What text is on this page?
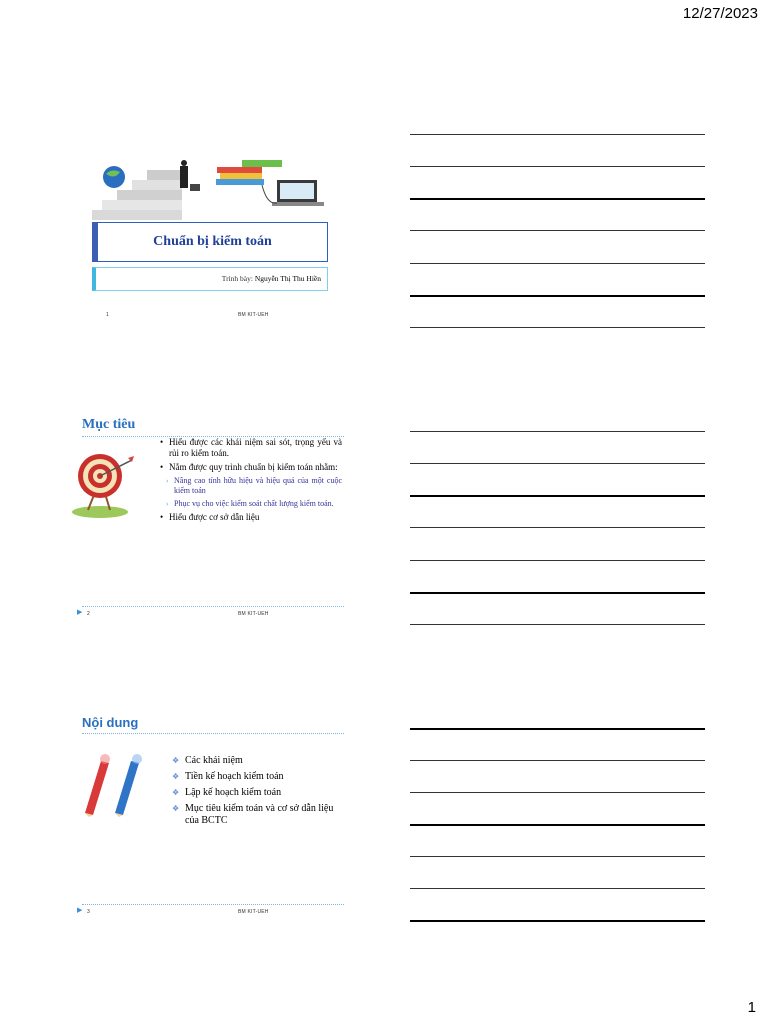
12/27/2023
Chuẩn bị kiểm toán
Trình bày: Nguyễn Thị Thu Hiền
1	BM KIT-UEH
Mục tiêu
• Hiểu được các khái niệm sai sót, trọng yếu và rủi ro kiểm toán.
• Nắm được quy trình chuẩn bị kiểm toán nhằm:
› Nâng cao tính hữu hiệu và hiệu quả của một cuộc kiểm toán
› Phục vụ cho việc kiểm soát chất lượng kiểm toán.
• Hiểu được cơ sở dẫn liệu
▶ 2	BM KIT-UEH
Nội dung
❖ Các khái niệm
❖ Tiền kế hoạch kiểm toán
❖ Lập kế hoạch kiểm toán
❖ Mục tiêu kiểm toán và cơ sở dẫn liệu của BCTC
▶ 3	BM KIT-UEH
1
